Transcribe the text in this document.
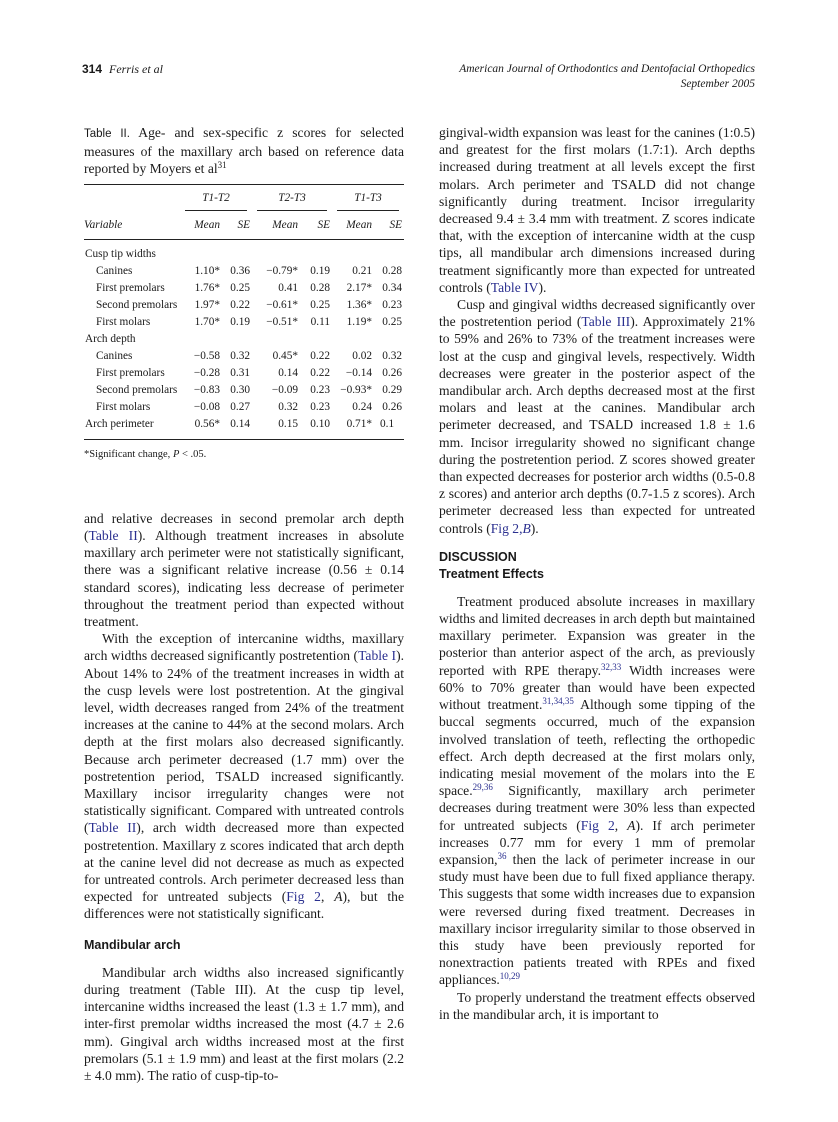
314 Ferris et al	American Journal of Orthodontics and Dentofacial Orthopedics
September 2005

Table II. Age- and sex-specific z scores for selected measures of the maxillary arch based on reference data reported by Moyers et $al^{31}$

	T1-T2		T2-T3		T1-T3	

Variable	Mean	SE	Mean	SE	Mean	SE

Cusp tip widths						
Canines	1.10*	0.36	−0.79*	0.19	0.21	0.28
First premolars	1.76*	0.25	0.41	0.28	2.17*	0.34
Second premolars	1.97*	0.22	−0.61*	0.25	1.36*	0.23
First molars	1.70*	0.19	−0.51*	0.11	1.19*	0.25
Arch depth						
Canines	−0.58	0.32	0.45*	0.22	0.02	0.32
First premolars	−0.28	0.31	0.14	0.22	−0.14	0.26
Second premolars	−0.83	0.30	−0.09	0.23	−0.93*	0.29
First molars	−0.08	0.27	0.32	0.23	0.24	0.26
Arch perimeter	0.56*	0.14	0.15	0.10	0.71*	0.1

*Significant change, P < .05.

and relative decreases in second premolar arch depth (Table II). Although treatment increases in absolute maxillary arch perimeter were not statistically significant, there was a significant relative increase (0.56 ± 0.14 standard scores), indicating less decrease of perimeter throughout the treatment period than expected without treatment.

With the exception of intercanine widths, maxillary arch widths decreased significantly postretention (Table I). About 14% to 24% of the treatment increases in width at the cusp levels were lost postretention. At the gingival level, width decreases ranged from 24% of the treatment increases at the canine to 44% at the second molars. Arch depth at the first molars also decreased significantly. Because arch perimeter decreased (1.7 mm) over the postretention period, TSALD increased significantly. Maxillary incisor irregularity changes were not statistically significant. Compared with untreated controls (Table II), arch width decreased more than expected postretention. Maxillary z scores indicated that arch depth at the canine level did not decrease as much as expected for untreated controls. Arch perimeter decreased less than expected for untreated subjects (Fig 2, A), but the differences were not statistically significant.

Mandibular arch

Mandibular arch widths also increased significantly during treatment (Table III). At the cusp tip level, intercanine widths increased the least (1.3 ± 1.7 mm), and inter-first premolar widths increased the most (4.7 ± 2.6 mm). Gingival arch widths increased most at the first premolars (5.1 ± 1.9 mm) and least at the first molars (2.2 ± 4.0 mm). The ratio of cusp-tip-to-

gingival-width expansion was least for the canines (1:0.5) and greatest for the first molars (1.7:1). Arch depths increased during treatment at all levels except the first molars. Arch perimeter and TSALD did not change significantly during treatment. Incisor irregularity decreased 9.4 ± 3.4 mm with treatment. Z scores indicate that, with the exception of intercanine width at the cusp tips, all mandibular arch dimensions increased during treatment significantly more than expected for untreated controls (Table IV).

Cusp and gingival widths decreased significantly over the postretention period (Table III). Approximately 21% to 59% and 26% to 73% of the treatment increases were lost at the cusp and gingival levels, respectively. Width decreases were greater in the posterior aspect of the mandibular arch. Arch depths decreased most at the first molars and least at the canines. Mandibular arch perimeter decreased, and TSALD increased 1.8 ± 1.6 mm. Incisor irregularity showed no significant change during the postretention period. Z scores showed greater than expected decreases for posterior arch widths (0.5-0.8 z scores) and anterior arch depths (0.7-1.5 z scores). Arch perimeter decreased less than expected for untreated controls (Fig 2,B).

DISCUSSION
Treatment Effects

Treatment produced absolute increases in maxillary widths and limited decreases in arch depth but maintained maxillary perimeter. Expansion was greater in the posterior than anterior aspect of the arch, as previously reported with RPE therapy.$^{32,33}$ Width increases were 60% to 70% greater than would have been expected without treatment.$^{31,34,35}$ Although some tipping of the buccal segments occurred, much of the expansion involved translation of teeth, reflecting the orthopedic effect. Arch depth decreased at the first molars only, indicating mesial movement of the molars into the E space.$^{29,36}$ Significantly, maxillary arch perimeter decreases during treatment were 30% less than expected for untreated subjects (Fig 2, A). If arch perimeter increases 0.77 mm for every 1 mm of premolar expansion,$^{36}$ then the lack of perimeter increase in our study must have been due to full fixed appliance therapy. This suggests that some width increases due to expansion were reversed during fixed treatment. Decreases in maxillary incisor irregularity similar to those observed in this study have been previously reported for nonextraction patients treated with RPEs and fixed appliances.$^{10,29}$

To properly understand the treatment effects observed in the mandibular arch, it is important to
